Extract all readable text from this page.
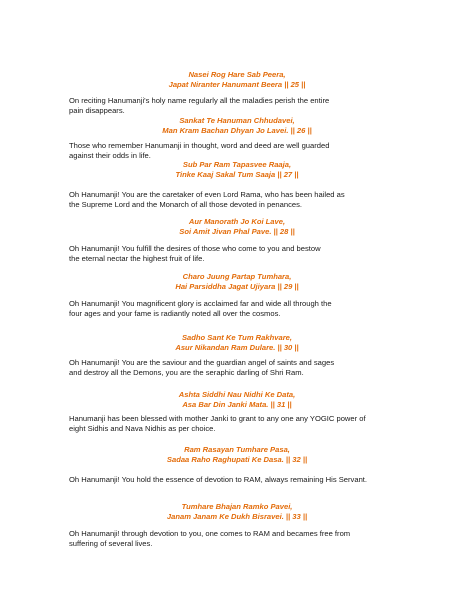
Nasei Rog Hare Sab Peera,
Japat Niranter Hanumant Beera || 25 ||
On reciting Hanumanji's holy name regularly all the maladies perish the entire
pain disappears.
Sankat Te Hanuman Chhudavei,
Man Kram Bachan Dhyan Jo Lavei. || 26 ||
Those who remember Hanumanji in thought, word and deed are well guarded
against their odds in life.
Sub Par Ram Tapasvee Raaja,
Tinke Kaaj Sakal Tum Saaja || 27 ||
Oh Hanumanji! You are the caretaker of even Lord Rama, who has been hailed as
the Supreme Lord and the Monarch of all those devoted in penances.
Aur Manorath Jo Koi Lave,
Soi Amit Jivan Phal Pave. || 28 ||
Oh Hanumanji! You fulfill the desires of those who come to you and bestow
the eternal nectar the highest fruit of life.
Charo Juung Partap Tumhara,
Hai Parsiddha Jagat Ujiyara || 29 ||
Oh Hanumanji! You magnificent glory is acclaimed far and wide all through the
four ages and your fame is radiantly noted all over the cosmos.
Sadho Sant Ke Tum Rakhvare,
Asur Nikandan Ram Dulare. || 30 ||
Oh Hanumanji! You are the saviour and the guardian angel of saints and sages
and destroy all the Demons, you are the seraphic darling of Shri Ram.
Ashta Siddhi Nau Nidhi Ke Data,
Asa Bar Din Janki Mata. || 31 ||
Hanumanji has been blessed with mother Janki to grant to any one any YOGIC power of
eight Sidhis and Nava Nidhis as per choice.
Ram Rasayan Tumhare Pasa,
Sadaa Raho Raghupati Ke Dasa. || 32 ||
Oh Hanumanji! You hold the essence of devotion to RAM, always remaining His Servant.
Tumhare Bhajan Ramko Pavei,
Janam Janam Ke Dukh Bisravei. || 33 ||
Oh Hanumanji! through devotion to you, one comes to RAM and becames free from
suffering of several lives.
